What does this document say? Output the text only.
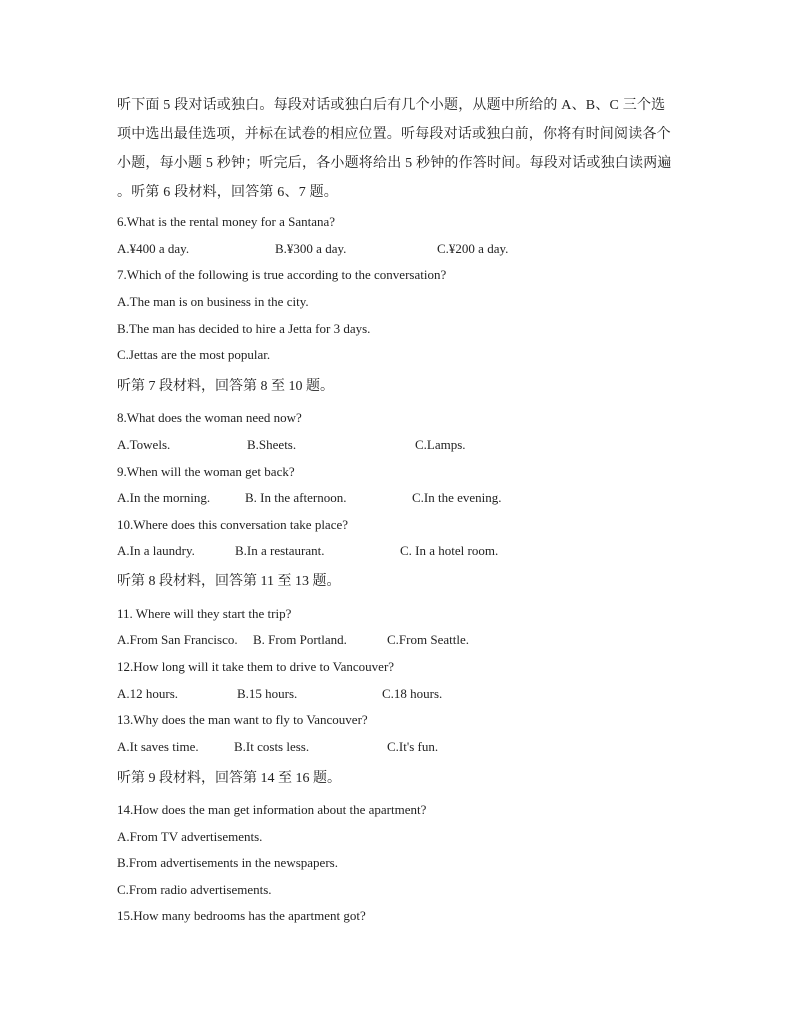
听下面 5 段对话或独白。每段对话或独白后有几个小题，从题中所给的 A、B、C 三个选
项中选出最佳选项，并标在试卷的相应位置。听每段对话或独白前，你将有时间阅读各个
小题，每小题 5 秒钟；听完后，各小题将给出 5 秒钟的作答时间。每段对话或独白读两遍
。听第 6 段材料，回答第 6、7 题。
6.What is the rental money for a Santana?
A.¥400 a day.	B.¥300 a day.	C.¥200 a day.
7.Which of the following is true according to the conversation?
A.The man is on business in the city.
B.The man has decided to hire a Jetta for 3 days.
C.Jettas are the most popular.
听第 7 段材料，回答第 8 至 10 题。
8.What does the woman need now?
A.Towels.	B.Sheets.	C.Lamps.
9.When will the woman get back?
A.In the morning.	B. In the afternoon.	C.In the evening.
10.Where does this conversation take place?
A.In a laundry.	B.In a restaurant.	C. In a hotel room.
听第 8 段材料，回答第 11 至 13 题。
11. Where will they start the trip?
A.From San Francisco. B. From Portland.	C.From Seattle.
12.How long will it take them to drive to Vancouver?
A.12 hours.	B.15 hours.	C.18 hours.
13.Why does the man want to fly to Vancouver?
A.It saves time.	B.It costs less.	C.It's fun.
听第 9 段材料，回答第 14 至 16 题。
14.How does the man get information about the apartment?
A.From TV advertisements.
B.From advertisements in the newspapers.
C.From radio advertisements.
15.How many bedrooms has the apartment got?
